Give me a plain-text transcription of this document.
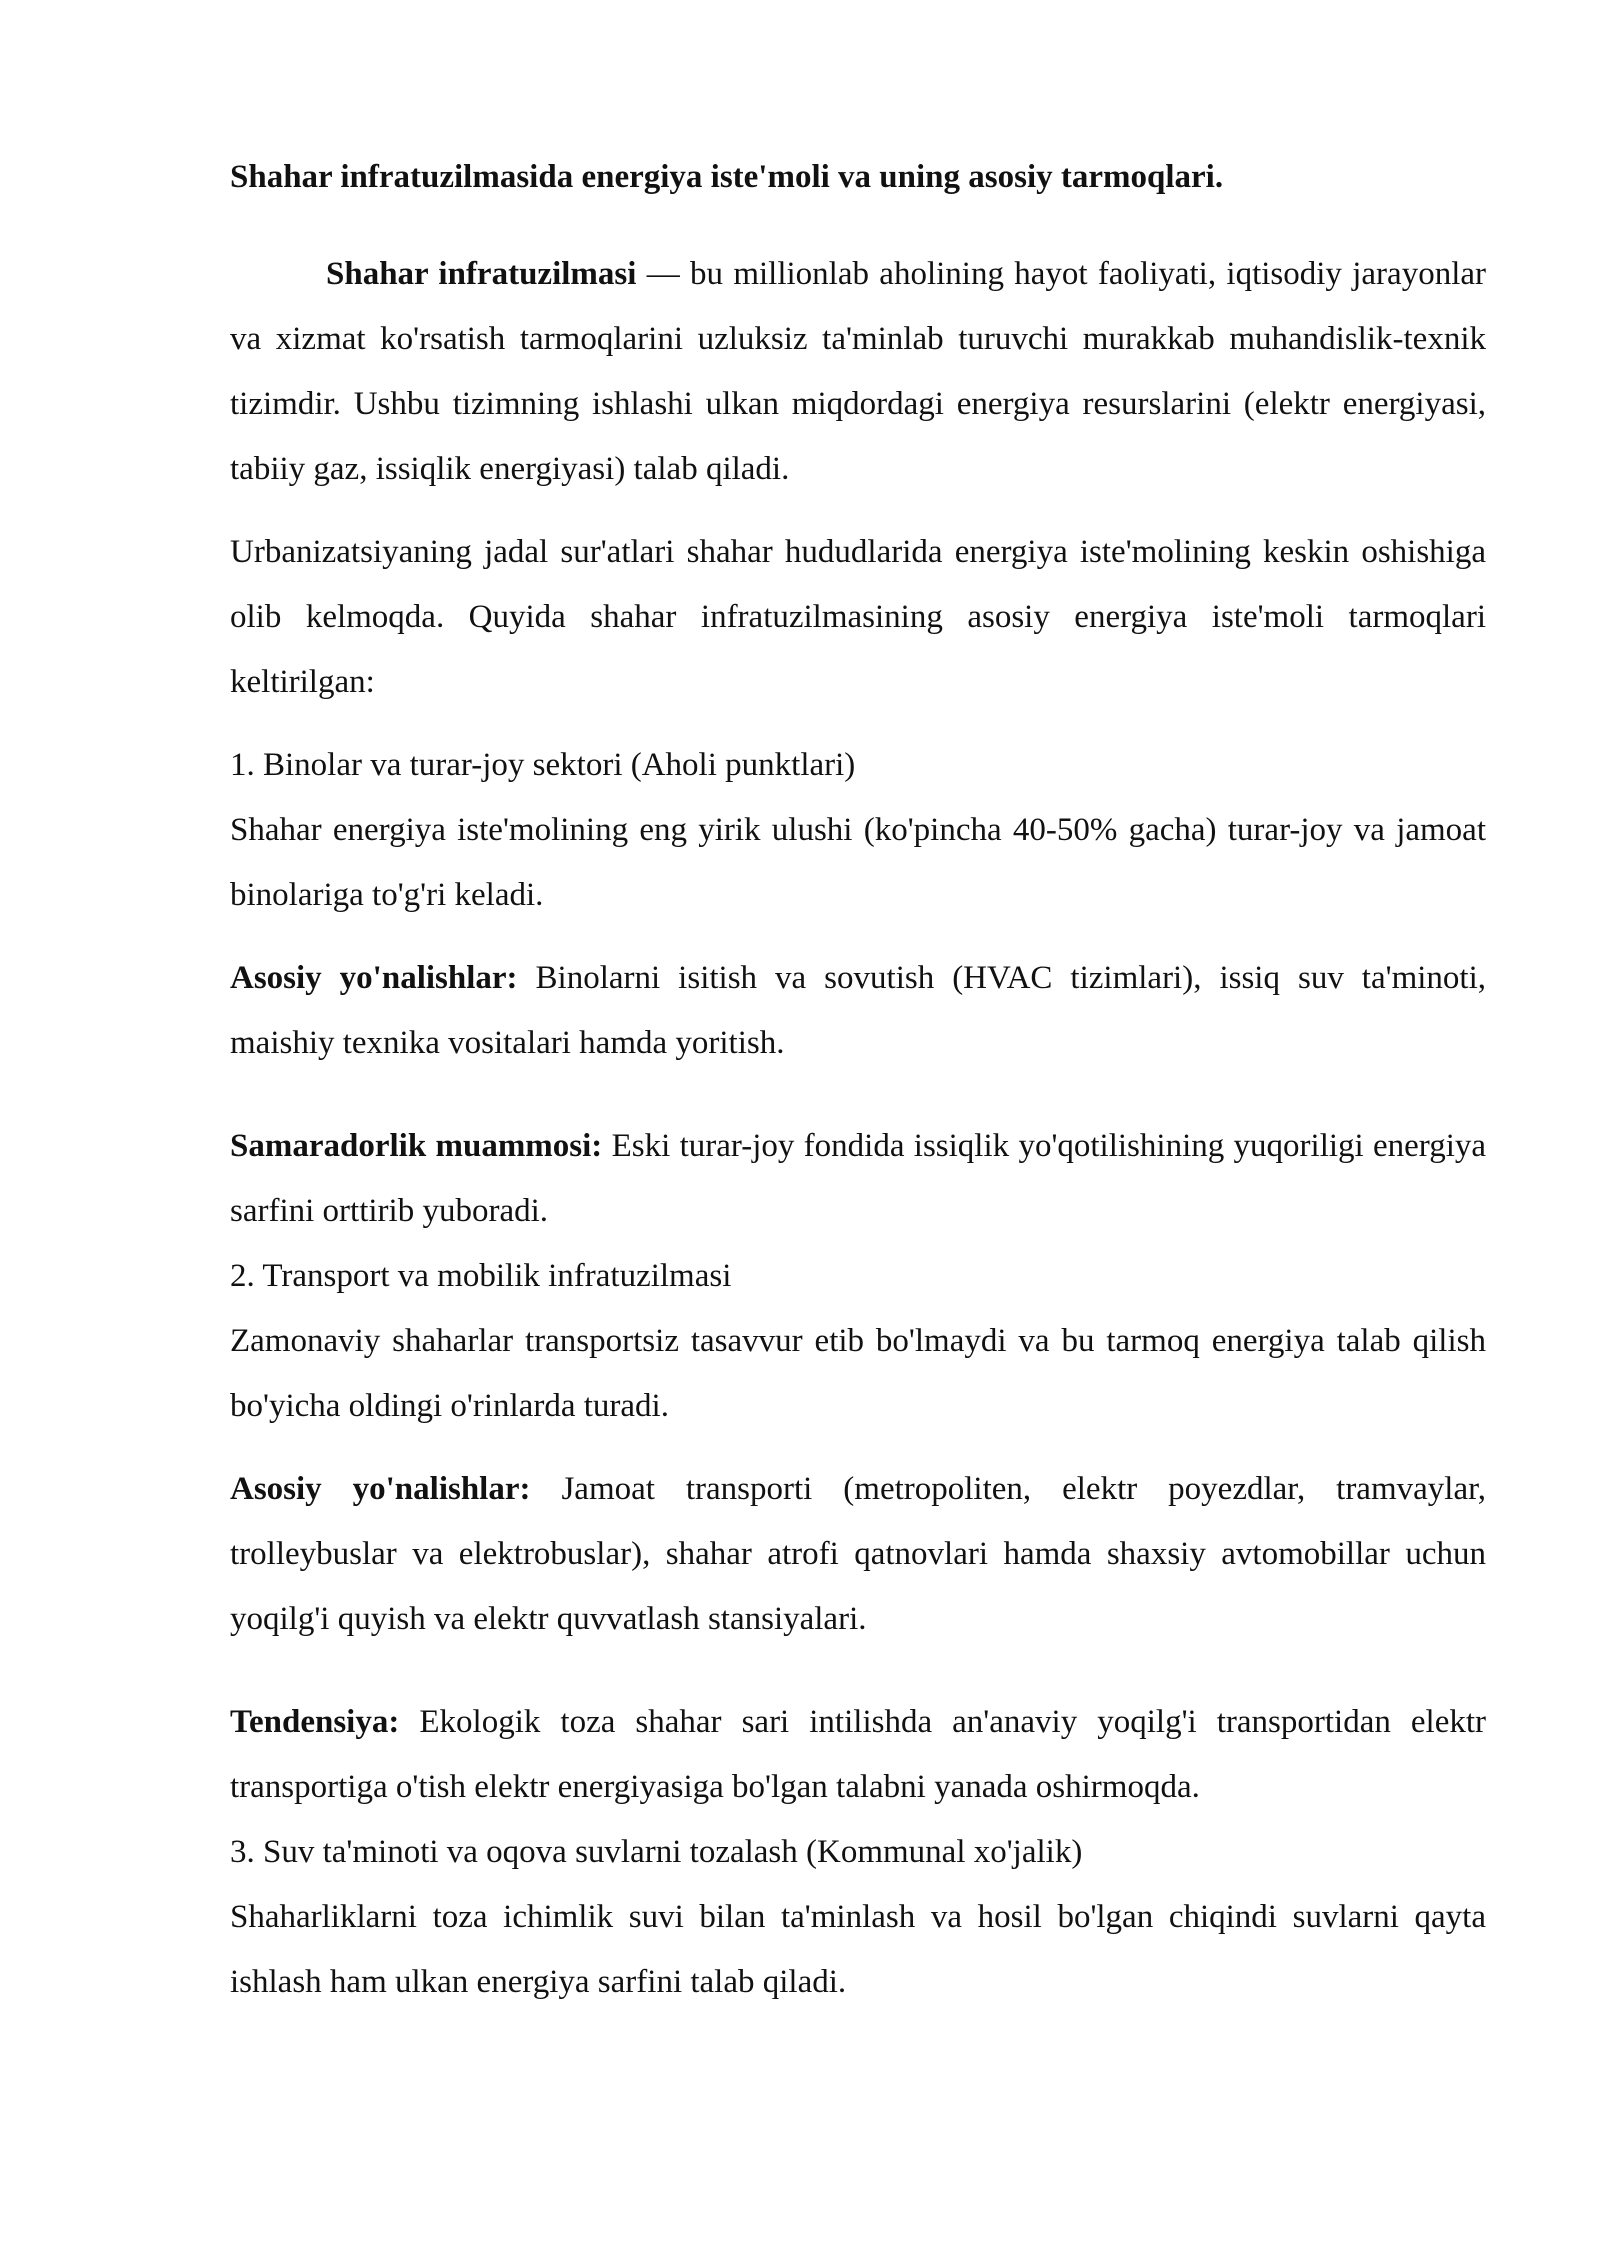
Shahar infratuzilmasida energiya iste'moli va uning asosiy tarmoqlari.

Shahar infratuzilmasi — bu millionlab aholining hayot faoliyati, iqtisodiy jarayonlar va xizmat ko'rsatish tarmoqlarini uzluksiz ta'minlab turuvchi murakkab muhandislik-texnik tizimdir. Ushbu tizimning ishlashi ulkan miqdordagi energiya resurslarini (elektr energiyasi, tabiiy gaz, issiqlik energiyasi) talab qiladi.

Urbanizatsiyaning jadal sur'atlari shahar hududlarida energiya iste'molining keskin oshishiga olib kelmoqda. Quyida shahar infratuzilmasining asosiy energiya iste'moli tarmoqlari keltirilgan:

1. Binolar va turar-joy sektori (Aholi punktlari)

Shahar energiya iste'molining eng yirik ulushi (ko'pincha 40-50% gacha) turar-joy va jamoat binolariga to'g'ri keladi.

Asosiy yo'nalishlar: Binolarni isitish va sovutish (HVAC tizimlari), issiq suv ta'minoti, maishiy texnika vositalari hamda yoritish.

Samaradorlik muammosi: Eski turar-joy fondida issiqlik yo'qotilishining yuqoriligi energiya sarfini orttirib yuboradi.

2. Transport va mobilik infratuzilmasi

Zamonaviy shaharlar transportsiz tasavvur etib bo'lmaydi va bu tarmoq energiya talab qilish bo'yicha oldingi o'rinlarda turadi.

Asosiy yo'nalishlar: Jamoat transporti (metropoliten, elektr poyezdlar, tramvaylar, trolleybuslar va elektrobuslar), shahar atrofi qatnovlari hamda shaxsiy avtomobillar uchun yoqilg'i quyish va elektr quvvatlash stansiyalari.

Tendensiya: Ekologik toza shahar sari intilishda an'anaviy yoqilg'i transportidan elektr transportiga o'tish elektr energiyasiga bo'lgan talabni yanada oshirmoqda.

3. Suv ta'minoti va oqova suvlarni tozalash (Kommunal xo'jalik)

Shaharliklarni toza ichimlik suvi bilan ta'minlash va hosil bo'lgan chiqindi suvlarni qayta ishlash ham ulkan energiya sarfini talab qiladi.
